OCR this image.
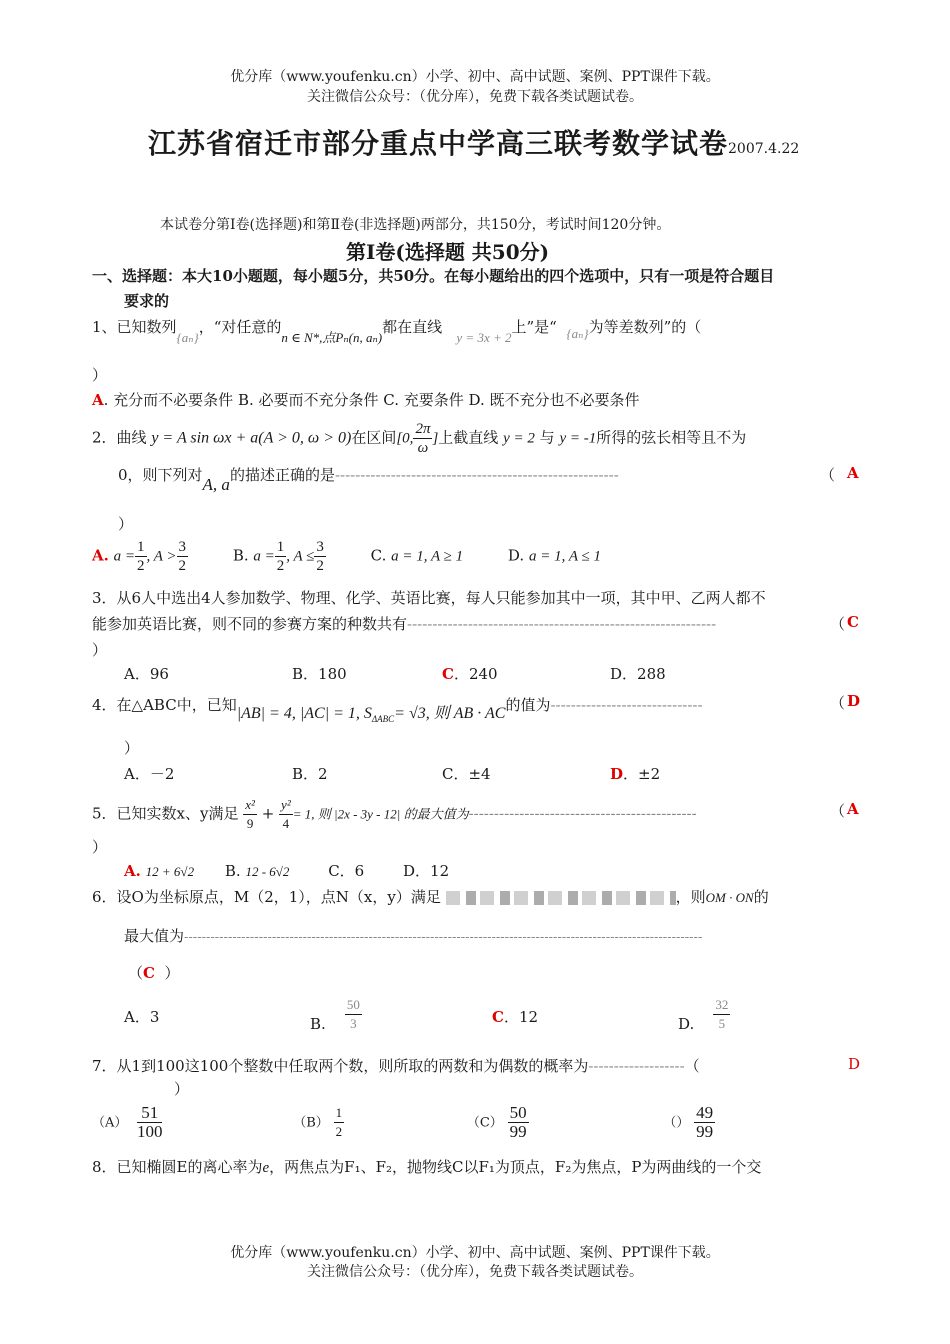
优分库（www.youfenku.cn）小学、初中、高中试题、案例、PPT课件下载。
关注微信公众号：（优分库），免费下载各类试题试卷。
江苏省宿迁市部分重点中学高三联考数学试卷2007.4.22
本试卷分第Ⅰ卷(选择题)和第Ⅱ卷(非选择题)两部分，共150分，考试时间120分钟。
第Ⅰ卷(选择题 共50分)
一、选择题：本大10小题题，每小题5分，共50分。在每小题给出的四个选项中，只有一项是符合题目
要求的
1、已知数列{aₙ}，“对任意的n ∈ N*,点Pₙ(n, aₙ)都在直线   y = 3x + 2上”是“ {aₙ}为等差数列”的（
）
A. 充分而不必要条件 B. 必要而不充分条件 C. 充要条件 D. 既不充分也不必要条件
2．曲线 y = A sin ωx + a(A > 0, ω > 0)在区间[0, $\frac{2\pi}{\omega}$ ]上截直线 y = 2 与 y = -1所得的弦长相等且不为
0，则下列对A, a的描述正确的是--------------------------------------------------------	（ A
）
A. $a = \frac{1}{2}$ , $A > \frac{3}{2}$	B. $a = \frac{1}{2}$ , $A \le \frac{3}{2}$	C. a = 1, A ≥ 1	D. a = 1, A ≤ 1
3．从6人中选出4人参加数学、物理、化学、英语比赛，每人只能参加其中一项，其中甲、乙两人都不
能参加英语比赛，则不同的参赛方案的种数共有-------------------------------------------------------------	（ C
）
A．96	B．180	C．240	D．288
4．在△ABC中，已知|AB| = 4, |AC| = 1, $S_{\Delta ABC}= √3$, 则 AB · AC的值为------------------------------	（ D
）
A．－2	B．2	C．±4	D．±2
5．已知实数x、y满足 $\frac{\text{x²}}{9} + \frac{\text{y²}}{4} = 1$, 则 |2x - 3y - 12| 的最大值为---------------------------------------------	（ A
）
A. 12 + 6√2 B. 12 - 6√2	C．6	D．12
6．设O为坐标原点，M（2，1），点N（x，y）满足	，则OM · ON的
最大值为----------------------------------------------------------------------------------------------------------------------
（C ）
A．3	B. $\frac{50}{3}$	C．12	D. $\frac{32}{5}$
7．从1到100这100个整数中任取两个数，则所取的两数和为偶数的概率为-------------------（	D
）
$(A) \frac{51}{100}$	$(B) \frac{1}{2}$	$(C) \frac{50}{99}$	（） $\frac{49}{99}$
8．已知椭圆E的离心率为e，两焦点为F₁、F₂，抛物线C以F₁为顶点，F₂为焦点，P为两曲线的一个交
优分库（www.youfenku.cn）小学、初中、高中试题、案例、PPT课件下载。
关注微信公众号：（优分库），免费下载各类试题试卷。
